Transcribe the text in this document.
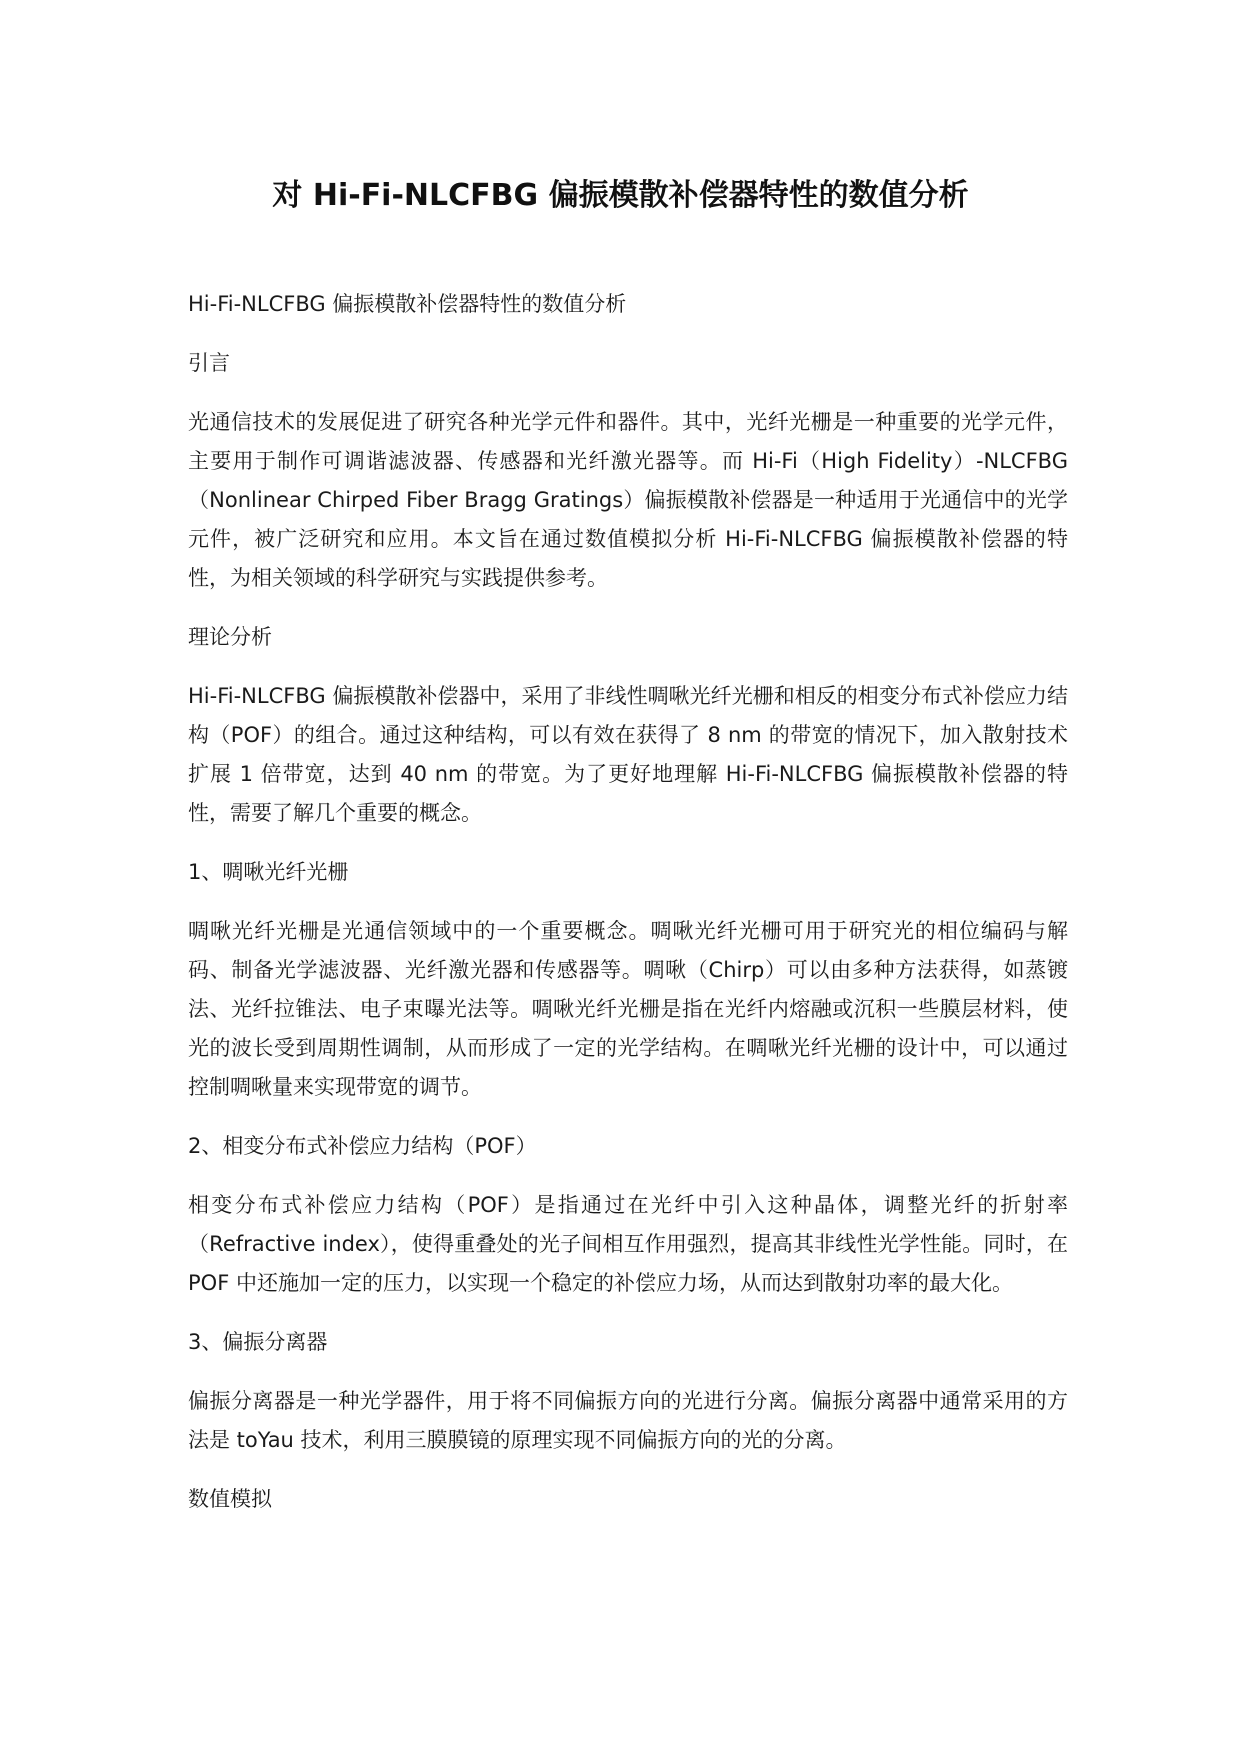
对 Hi-Fi-NLCFBG 偏振模散补偿器特性的数值分析

Hi-Fi-NLCFBG 偏振模散补偿器特性的数值分析

引言

光通信技术的发展促进了研究各种光学元件和器件。其中，光纤光栅是一种重要的光学元件，主要用于制作可调谐滤波器、传感器和光纤激光器等。而 Hi-Fi（High Fidelity）-NLCFBG （Nonlinear Chirped Fiber Bragg Gratings）偏振模散补偿器是一种适用于光通信中的光学元件，被广泛研究和应用。本文旨在通过数值模拟分析 Hi-Fi-NLCFBG 偏振模散补偿器的特性，为相关领域的科学研究与实践提供参考。

理论分析

Hi-Fi-NLCFBG 偏振模散补偿器中，采用了非线性啁啾光纤光栅和相反的相变分布式补偿应力结构（POF）的组合。通过这种结构，可以有效在获得了 8 nm 的带宽的情况下，加入散射技术扩展 1 倍带宽，达到 40 nm 的带宽。为了更好地理解 Hi-Fi-NLCFBG 偏振模散补偿器的特性，需要了解几个重要的概念。

1、啁啾光纤光栅

啁啾光纤光栅是光通信领域中的一个重要概念。啁啾光纤光栅可用于研究光的相位编码与解码、制备光学滤波器、光纤激光器和传感器等。啁啾（Chirp）可以由多种方法获得，如蒸镀法、光纤拉锥法、电子束曝光法等。啁啾光纤光栅是指在光纤内熔融或沉积一些膜层材料，使光的波长受到周期性调制，从而形成了一定的光学结构。在啁啾光纤光栅的设计中，可以通过控制啁啾量来实现带宽的调节。

2、相变分布式补偿应力结构（POF）

相变分布式补偿应力结构（POF）是指通过在光纤中引入这种晶体，调整光纤的折射率（Refractive index），使得重叠处的光子间相互作用强烈，提高其非线性光学性能。同时，在 POF 中还施加一定的压力，以实现一个稳定的补偿应力场，从而达到散射功率的最大化。

3、偏振分离器

偏振分离器是一种光学器件，用于将不同偏振方向的光进行分离。偏振分离器中通常采用的方法是 toYau 技术，利用三膜膜镜的原理实现不同偏振方向的光的分离。

数值模拟
